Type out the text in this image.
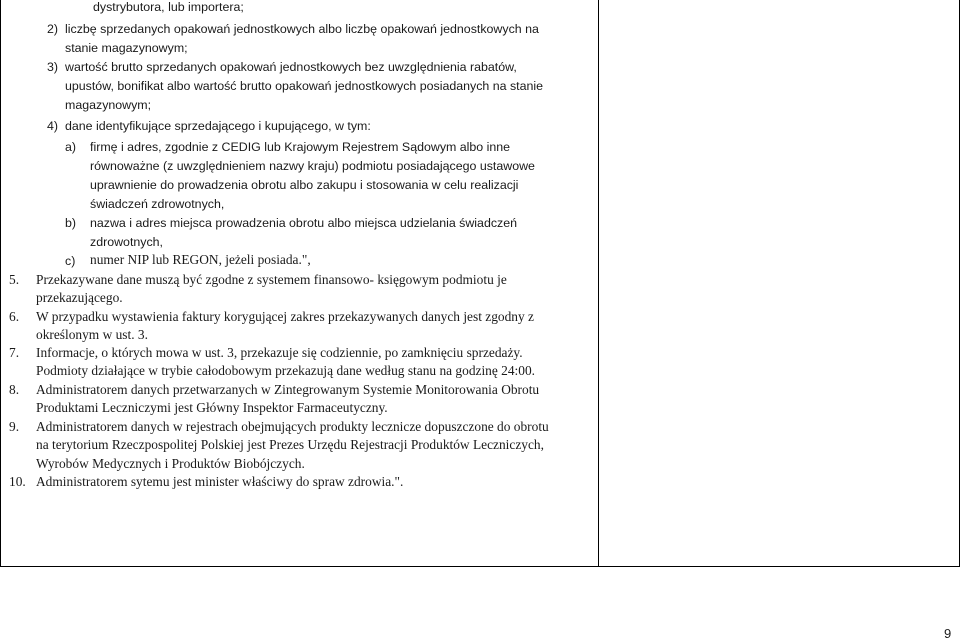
dystrybutora, lub importera;
2) liczbę sprzedanych opakowań jednostkowych albo liczbę opakowań jednostkowych na
stanie magazynowym;
3) wartość brutto sprzedanych opakowań jednostkowych bez uwzględnienia rabatów,
upustów, bonifikat albo wartość brutto opakowań jednostkowych posiadanych na stanie
magazynowym;
4) dane identyfikujące sprzedającego i kupującego, w tym:
a) firmę i adres, zgodnie z CEDIG lub Krajowym Rejestrem Sądowym albo inne
równoważne (z uwzględnieniem nazwy kraju) podmiotu posiadającego ustawowe
uprawnienie do prowadzenia obrotu albo zakupu i stosowania w celu realizacji
świadczeń zdrowotnych,
b) nazwa i adres miejsca prowadzenia obrotu albo miejsca udzielania świadczeń
zdrowotnych,
c) numer NIP lub REGON, jeżeli posiada.",
5. Przekazywane dane muszą być zgodne z systemem finansowo- księgowym podmiotu je
przekazującego.
6. W przypadku wystawienia faktury korygującej zakres przekazywanych danych jest zgodny z
określonym w ust. 3.
7. Informacje, o których mowa w ust. 3, przekazuje się codziennie, po zamknięciu sprzedaży.
Podmioty działające w trybie całodobowym przekazują dane według stanu na godzinę 24:00.
8. Administratorem danych przetwarzanych w Zintegrowanym Systemie Monitorowania Obrotu
Produktami Leczniczymi jest Główny Inspektor Farmaceutyczny.
9. Administratorem danych w rejestrach obejmujących produkty lecznicze dopuszczone do obrotu
na terytorium Rzeczpospolitej Polskiej jest Prezes Urzędu Rejestracji Produktów Leczniczych,
Wyrobów Medycznych i Produktów Biobójczych.
10. Administratorem sytemu jest minister właściwy do spraw zdrowia.".
9
